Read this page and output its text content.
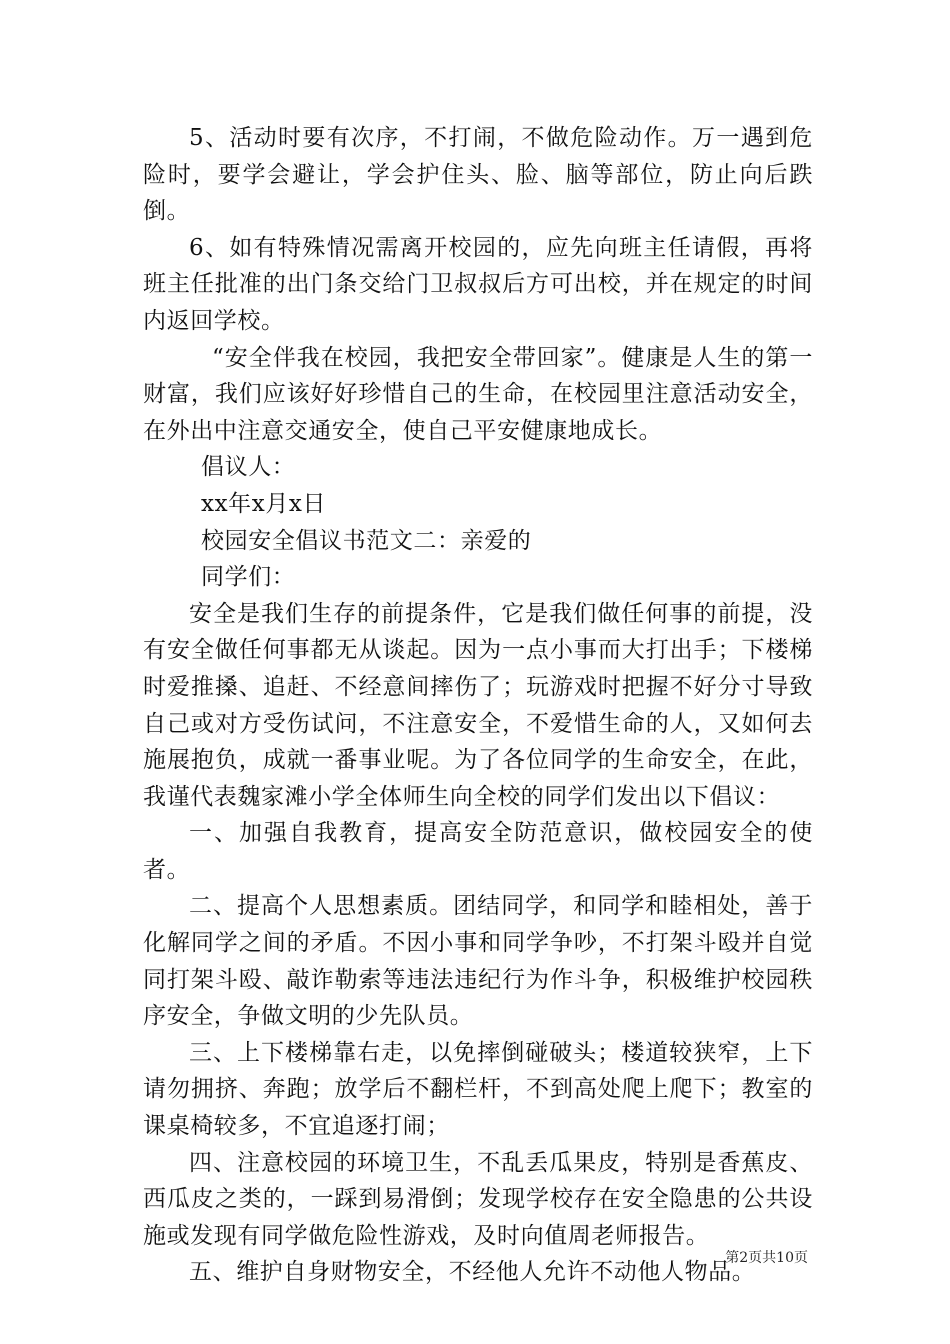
5、活动时要有次序，不打闹，不做危险动作。万一遇到危险时，要学会避让，学会护住头、脸、脑等部位，防止向后跌倒。

6、如有特殊情况需离开校园的，应先向班主任请假，再将班主任批准的出门条交给门卫叔叔后方可出校，并在规定的时间内返回学校。

“安全伴我在校园，我把安全带回家”。健康是人生的第一财富，我们应该好好珍惜自己的生命，在校园里注意活动安全，在外出中注意交通安全，使自己平安健康地成长。

倡议人：

xx年x月x日

校园安全倡议书范文二：亲爱的

同学们：

安全是我们生存的前提条件，它是我们做任何事的前提，没有安全做任何事都无从谈起。因为一点小事而大打出手；下楼梯时爱推搡、追赶、不经意间摔伤了；玩游戏时把握不好分寸导致自己或对方受伤试问，不注意安全，不爱惜生命的人，又如何去施展抱负，成就一番事业呢。为了各位同学的生命安全，在此，我谨代表魏家滩小学全体师生向全校的同学们发出以下倡议：

一、加强自我教育，提高安全防范意识，做校园安全的使者。

二、提高个人思想素质。团结同学，和同学和睦相处，善于化解同学之间的矛盾。不因小事和同学争吵，不打架斗殴并自觉同打架斗殴、敲诈勒索等违法违纪行为作斗争，积极维护校园秩序安全，争做文明的少先队员。

三、上下楼梯靠右走，以免摔倒碰破头；楼道较狭窄，上下请勿拥挤、奔跑；放学后不翻栏杆，不到高处爬上爬下；教室的课桌椅较多，不宜追逐打闹；

四、注意校园的环境卫生，不乱丢瓜果皮，特别是香蕉皮、西瓜皮之类的，一踩到易滑倒；发现学校存在安全隐患的公共设施或发现有同学做危险性游戏，及时向值周老师报告。

五、维护自身财物安全，不经他人允许不动他人物品。

第2页共10页
